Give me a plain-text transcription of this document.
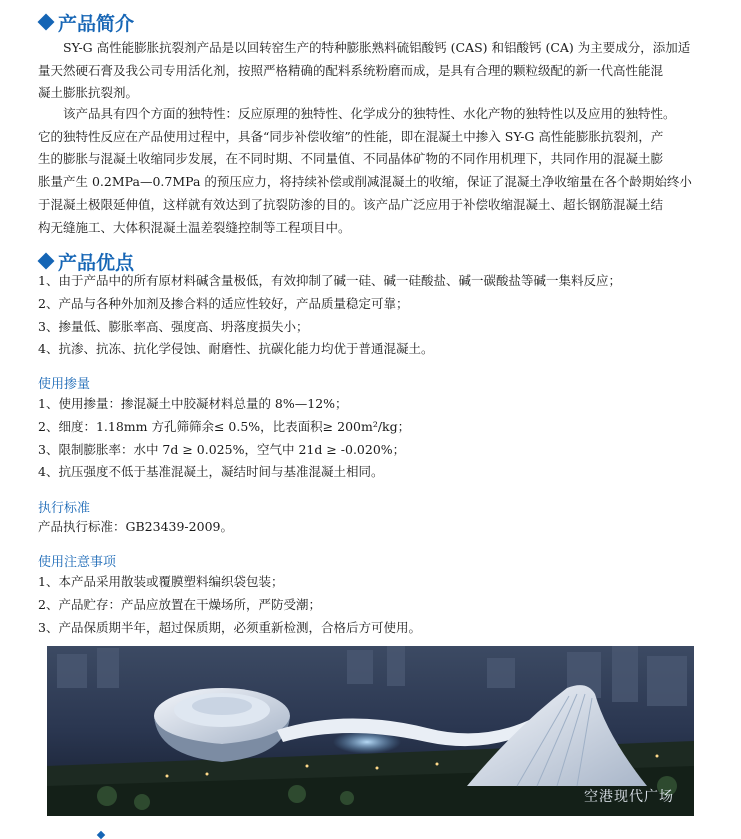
产品简介
SY-G 高性能膨胀抗裂剂产品是以回转窑生产的特种膨胀熟料硫铝酸钙 (CAS) 和铝酸钙 (CA) 为主要成分，添加适
量天然硬石膏及我公司专用活化剂，按照严格精确的配料系统粉磨而成，是具有合理的颗粒级配的新一代高性能混
凝土膨胀抗裂剂。
该产品具有四个方面的独特性：反应原理的独特性、化学成分的独特性、水化产物的独特性以及应用的独特性。
它的独特性反应在产品使用过程中，具备“同步补偿收缩”的性能，即在混凝土中掺入 SY-G 高性能膨胀抗裂剂，产
生的膨胀与混凝土收缩同步发展，在不同时期、不同量值、不同晶体矿物的不同作用机理下，共同作用的混凝土膨
胀量产生 0.2MPa—0.7MPa 的预压应力，将持续补偿或削减混凝土的收缩，保证了混凝土净收缩量在各个龄期始终小
于混凝土极限延伸值，这样就有效达到了抗裂防渗的目的。该产品广泛应用于补偿收缩混凝土、超长钢筋混凝土结
构无缝施工、大体积混凝土温差裂缝控制等工程项目中。
产品优点
1、由于产品中的所有原材料碱含量极低，有效抑制了碱一硅、碱一硅酸盐、碱一碳酸盐等碱一集料反应；
2、产品与各种外加剂及掺合料的适应性较好，产品质量稳定可靠；
3、掺量低、膨胀率高、强度高、坍落度损失小；
4、抗渗、抗冻、抗化学侵蚀、耐磨性、抗碳化能力均优于普通混凝土。
使用掺量
1、使用掺量：掺混凝土中胶凝材料总量的 8%—12%；
2、细度：1.18mm 方孔筛筛余≤ 0.5%，比表面积≥ 200m²/kg；
3、限制膨胀率：水中 7d ≥ 0.025%，空气中 21d ≥ -0.020%；
4、抗压强度不低于基准混凝土，凝结时间与基准混凝土相同。
执行标准
产品执行标准：GB23439-2009。
使用注意事项
1、本产品采用散装或覆膜塑料编织袋包装；
2、产品贮存：产品应放置在干燥场所，严防受潮；
3、产品保质期半年，超过保质期，必须重新检测，合格后方可使用。
空港现代广场
